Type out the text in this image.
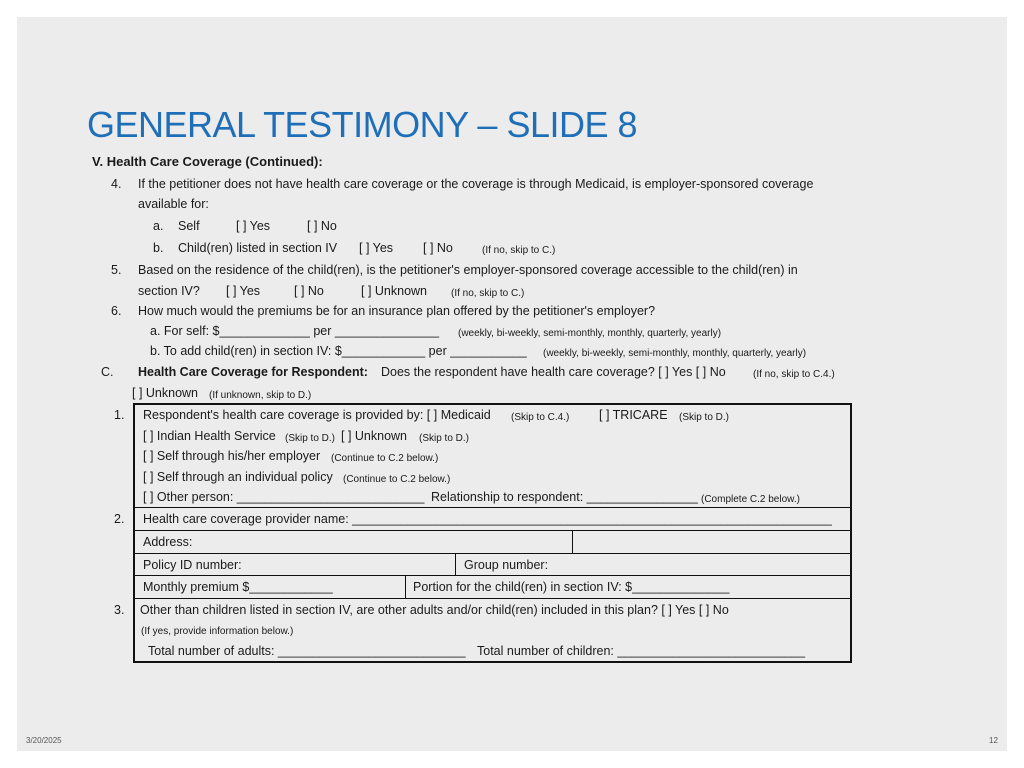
GENERAL TESTIMONY – SLIDE 8
V. Health Care Coverage (Continued):
4. If the petitioner does not have health care coverage or the coverage is through Medicaid, is employer-sponsored coverage
available for:
a. Self	[ ] Yes	[ ] No
b. Child(ren) listed in section IV [ ] Yes [ ] No	(If no, skip to C.)
5. Based on the residence of the child(ren), is the petitioner's employer-sponsored coverage accessible to the child(ren) in
section IV? [ ] Yes	[ ] No	[ ] Unknown (If no, skip to C.)
6. How much would the premiums be for an insurance plan offered by the petitioner's employer?
a. For self: $_____________ per _______________ (weekly, bi-weekly, semi-monthly, monthly, quarterly, yearly)
b. To add child(ren) in section IV: $____________ per ___________ (weekly, bi-weekly, semi-monthly, monthly, quarterly, yearly)
C. Health Care Coverage for Respondent: Does the respondent have health care coverage? [ ] Yes [ ] No	(If no, skip to C.4.)
[ ] Unknown (If unknown, skip to D.)
1. Respondent's health care coverage is provided by: [ ] Medicaid (Skip to C.4.) [ ] TRICARE (Skip to D.)
[ ] Indian Health Service (Skip to D.) [ ] Unknown (Skip to D.)
[ ] Self through his/her employer (Continue to C.2 below.)
[ ] Self through an individual policy (Continue to C.2 below.)
[ ] Other person: ___________________________ Relationship to respondent: ________________ (Complete C.2 below.)
2. Health care coverage provider name: _____________________________________________________________________
Address:
Policy ID number:	Group number:
Monthly premium $____________	Portion for the child(ren) in section IV: $______________
3. Other than children listed in section IV, are other adults and/or child(ren) included in this plan? [ ] Yes [ ] No
(If yes, provide information below.)
Total number of adults: ___________________________ Total number of children: ___________________________
3/20/2025	12
